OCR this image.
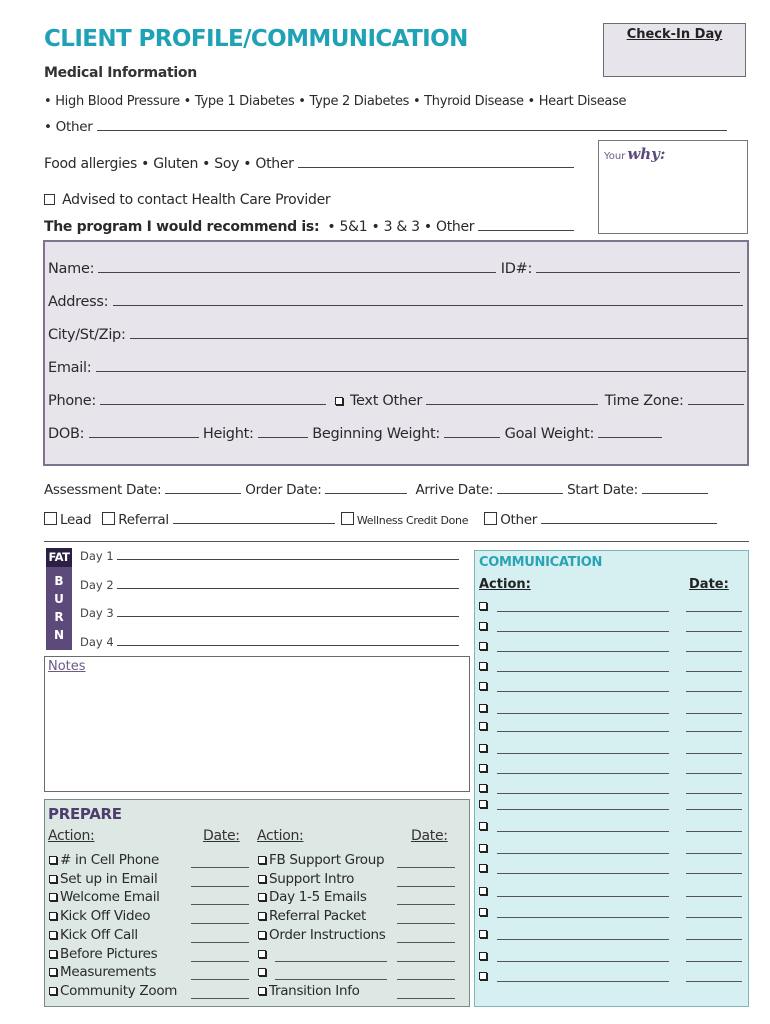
CLIENT PROFILE/COMMUNICATION	Check-In Day
Medical Information
• High Blood Pressure • Type 1 Diabetes • Type 2 Diabetes • Thyroid Disease • Heart Disease
• Other
Food allergies • Gluten • Soy • Other	Your why:
Advised to contact Health Care Provider
The program I would recommend is: • 5&1 • 3 & 3 • Other
Name:	ID#:
Address:
City/St/Zip:
Email:
Phone:	Text Other	Time Zone:
DOB:	Height:	Beginning Weight:	Goal Weight:
Assessment Date:	Order Date:	Arrive Date:	Start Date:
Lead Referral	Wellness Credit Done Other
FAT
B
U
R
N
Day 1
Day 2
Day 3
Day 4
Notes
PREPARE
Action:	Date: Action:	Date:
# in Cell Phone	FB Support Group
Set up in Email	Support Intro
Welcome Email	Day 1-5 Emails
Kick Off Video	Referral Packet
Kick Off Call	Order Instructions
Before Pictures
Measurements
Community Zoom	Transition Info
COMMUNICATION
Action:	Date:
